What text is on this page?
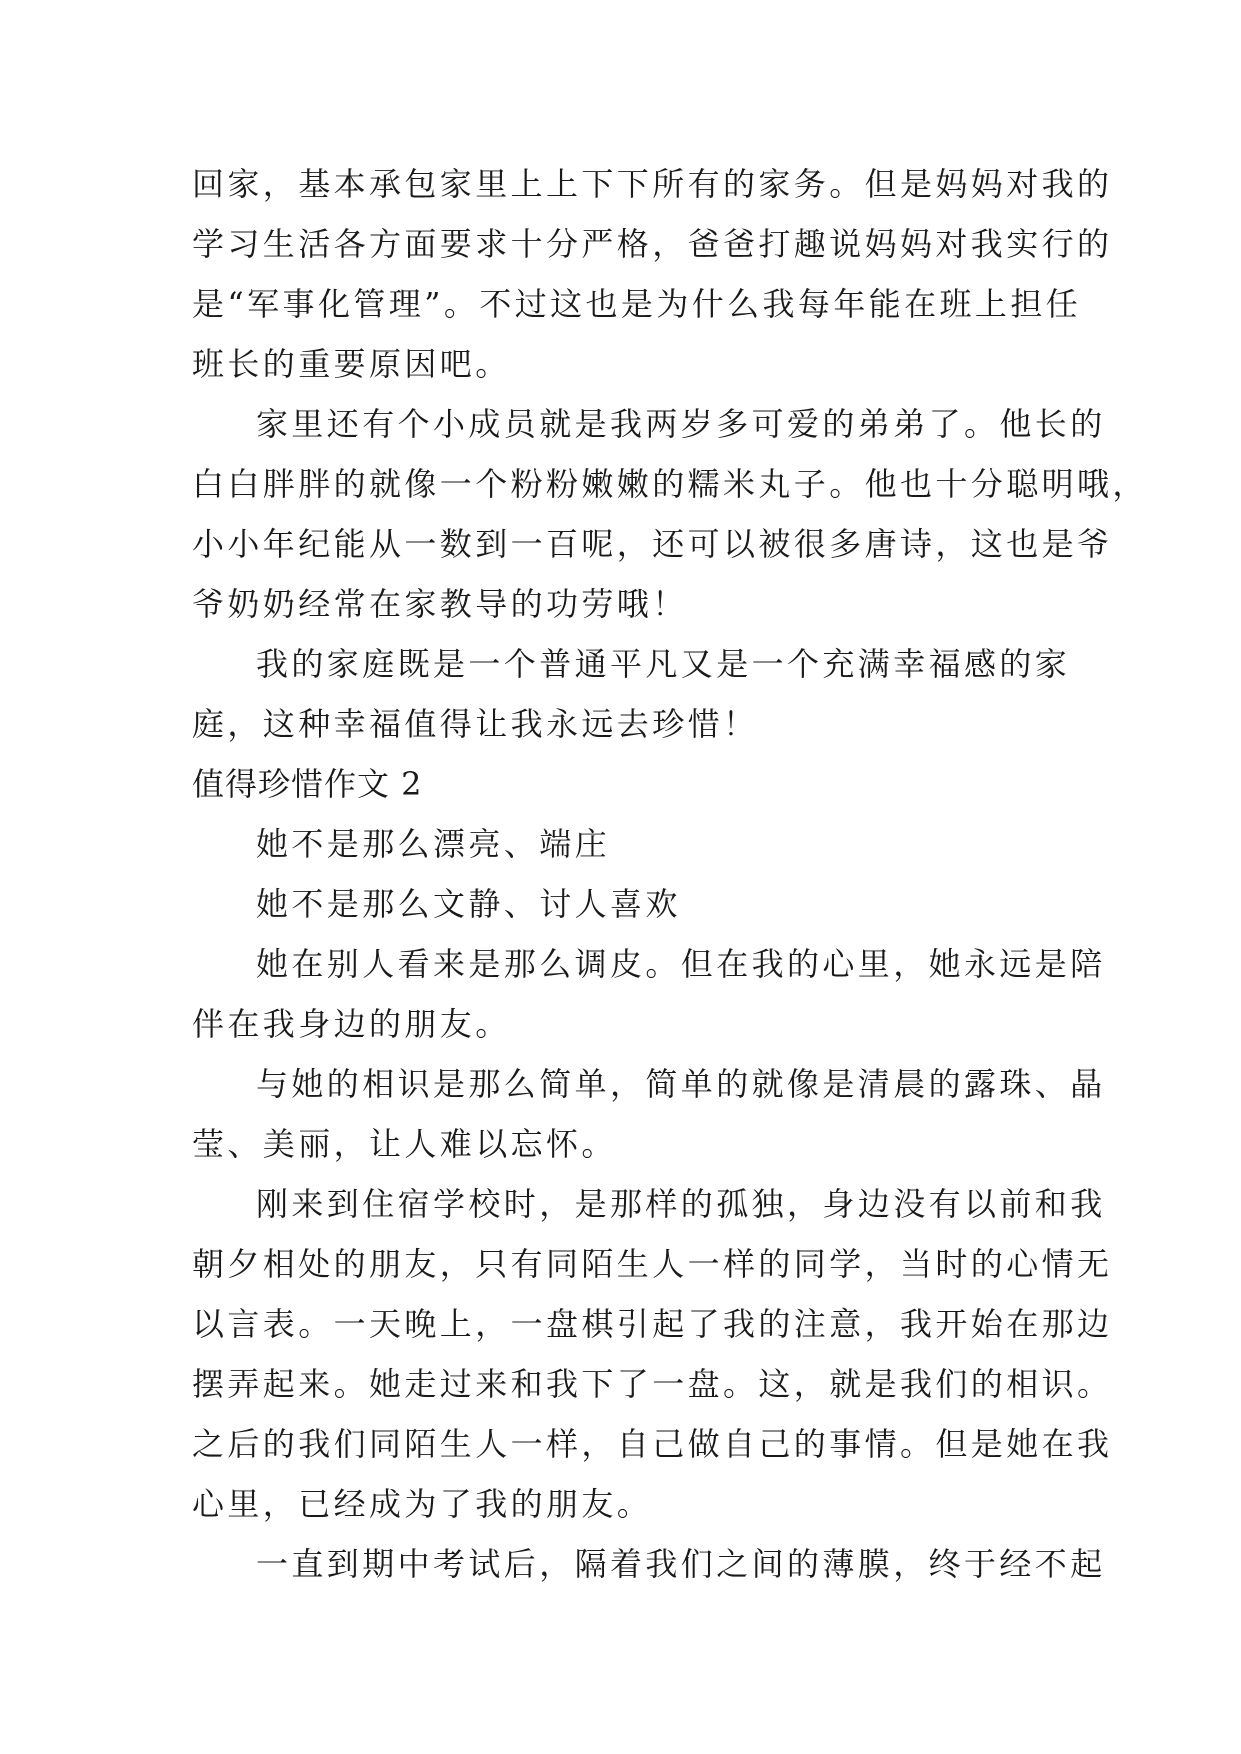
回家，基本承包家里上上下下所有的家务。但是妈妈对我的
学习生活各方面要求十分严格，爸爸打趣说妈妈对我实行的
是“军事化管理”。不过这也是为什么我每年能在班上担任
班长的重要原因吧。
家里还有个小成员就是我两岁多可爱的弟弟了。他长的
白白胖胖的就像一个粉粉嫩嫩的糯米丸子。他也十分聪明哦，
小小年纪能从一数到一百呢，还可以被很多唐诗，这也是爷
爷奶奶经常在家教导的功劳哦！
我的家庭既是一个普通平凡又是一个充满幸福感的家
庭，这种幸福值得让我永远去珍惜！
值得珍惜作文 2
她不是那么漂亮、端庄
她不是那么文静、讨人喜欢
她在别人看来是那么调皮。但在我的心里，她永远是陪
伴在我身边的朋友。
与她的相识是那么简单，简单的就像是清晨的露珠、晶
莹、美丽，让人难以忘怀。
刚来到住宿学校时，是那样的孤独，身边没有以前和我
朝夕相处的朋友，只有同陌生人一样的同学，当时的心情无
以言表。一天晚上，一盘棋引起了我的注意，我开始在那边
摆弄起来。她走过来和我下了一盘。这，就是我们的相识。
之后的我们同陌生人一样，自己做自己的事情。但是她在我
心里，已经成为了我的朋友。
一直到期中考试后，隔着我们之间的薄膜，终于经不起
